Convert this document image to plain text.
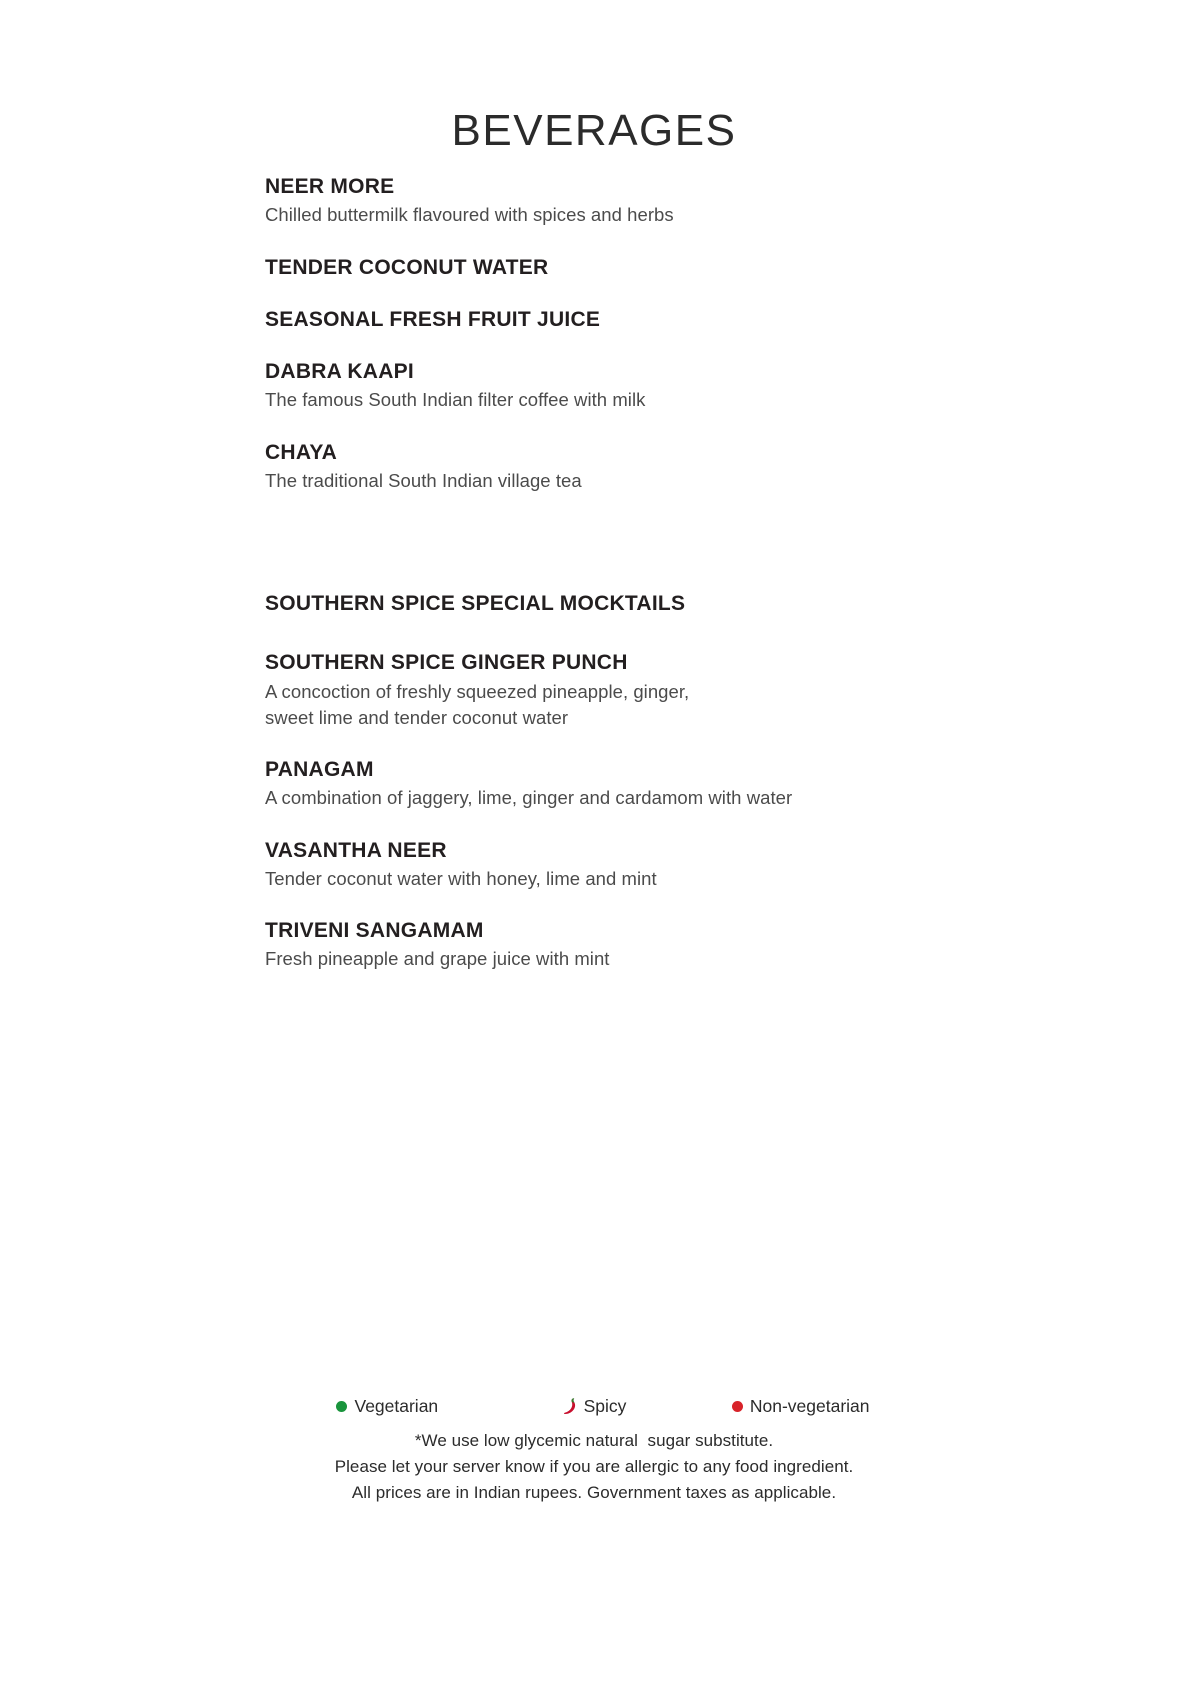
BEVERAGES
NEER MORE
Chilled buttermilk flavoured with spices and herbs
TENDER COCONUT WATER
SEASONAL FRESH FRUIT JUICE
DABRA KAAPI
The famous South Indian filter coffee with milk
CHAYA
The traditional South Indian village tea
SOUTHERN SPICE SPECIAL MOCKTAILS
SOUTHERN SPICE GINGER PUNCH
A concoction of freshly squeezed pineapple, ginger,
sweet lime and tender coconut water
PANAGAM
A combination of jaggery, lime, ginger and cardamom with water
VASANTHA NEER
Tender coconut water with honey, lime and mint
TRIVENI SANGAMAM
Fresh pineapple and grape juice with mint
Vegetarian	Spicy	Non-vegetarian
*We use low glycemic natural  sugar substitute.
Please let your server know if you are allergic to any food ingredient.
All prices are in Indian rupees. Government taxes as applicable.
